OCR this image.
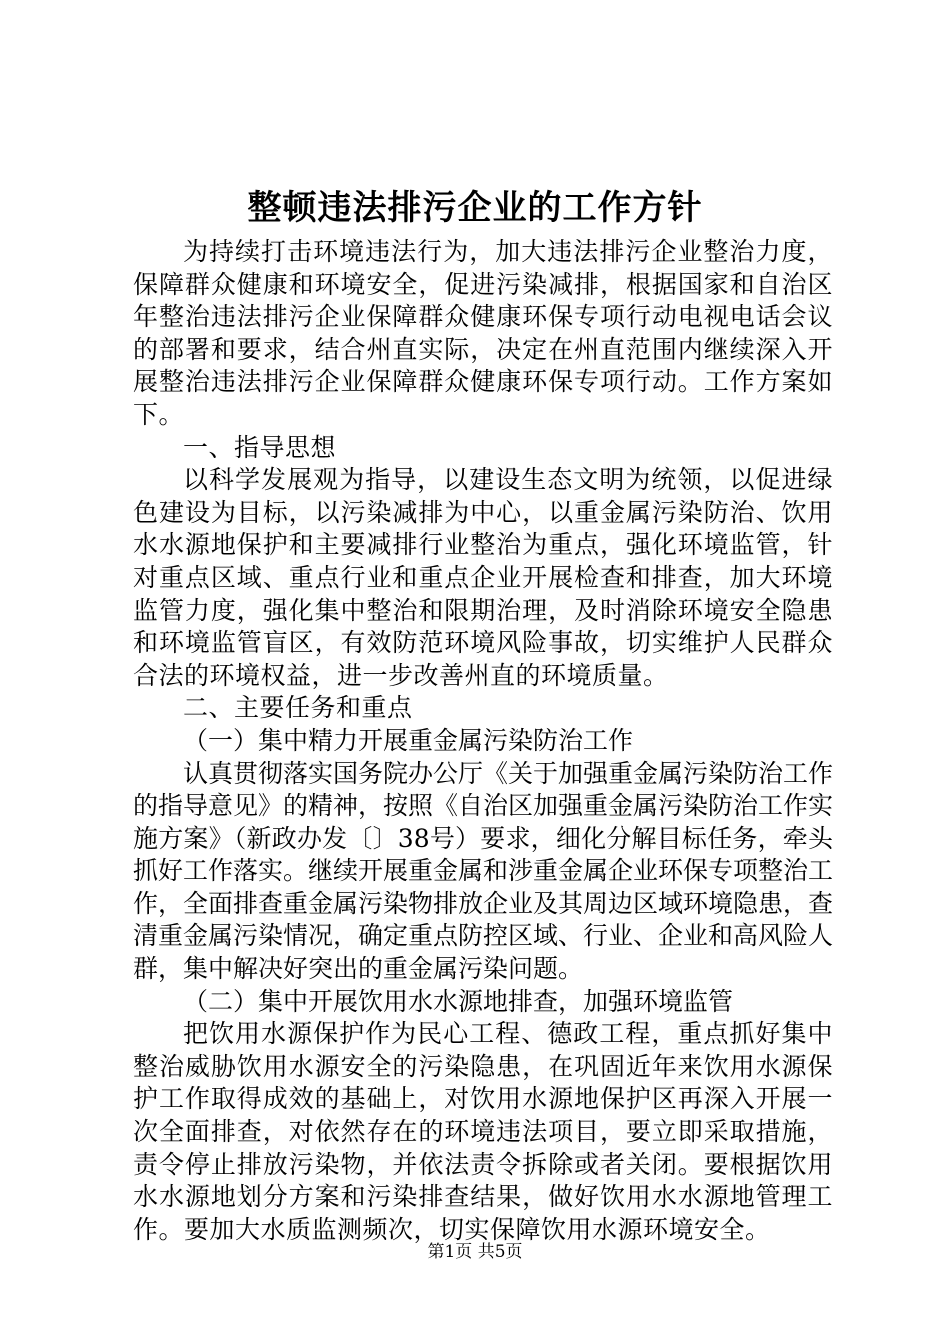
整顿违法排污企业的工作方针

为持续打击环境违法行为，加大违法排污企业整治力度，保障群众健康和环境安全，促进污染减排，根据国家和自治区年整治违法排污企业保障群众健康环保专项行动电视电话会议的部署和要求，结合州直实际，决定在州直范围内继续深入开展整治违法排污企业保障群众健康环保专项行动。工作方案如下。

一、指导思想

以科学发展观为指导，以建设生态文明为统领，以促进绿色建设为目标，以污染减排为中心，以重金属污染防治、饮用水水源地保护和主要减排行业整治为重点，强化环境监管，针对重点区域、重点行业和重点企业开展检查和排查，加大环境监管力度，强化集中整治和限期治理，及时消除环境安全隐患和环境监管盲区，有效防范环境风险事故，切实维护人民群众合法的环境权益，进一步改善州直的环境质量。

二、主要任务和重点

（一）集中精力开展重金属污染防治工作

认真贯彻落实国务院办公厅《关于加强重金属污染防治工作的指导意见》的精神，按照《自治区加强重金属污染防治工作实施方案》（新政办发〔〕38号）要求，细化分解目标任务，牵头抓好工作落实。继续开展重金属和涉重金属企业环保专项整治工作，全面排查重金属污染物排放企业及其周边区域环境隐患，查清重金属污染情况，确定重点防控区域、行业、企业和高风险人群，集中解决好突出的重金属污染问题。

（二）集中开展饮用水水源地排查，加强环境监管

把饮用水源保护作为民心工程、德政工程，重点抓好集中整治威胁饮用水源安全的污染隐患，在巩固近年来饮用水源保护工作取得成效的基础上，对饮用水源地保护区再深入开展一次全面排查，对依然存在的环境违法项目，要立即采取措施，责令停止排放污染物，并依法责令拆除或者关闭。要根据饮用水水源地划分方案和污染排查结果，做好饮用水水源地管理工作。要加大水质监测频次，切实保障饮用水源环境安全。

第1页 共5页
